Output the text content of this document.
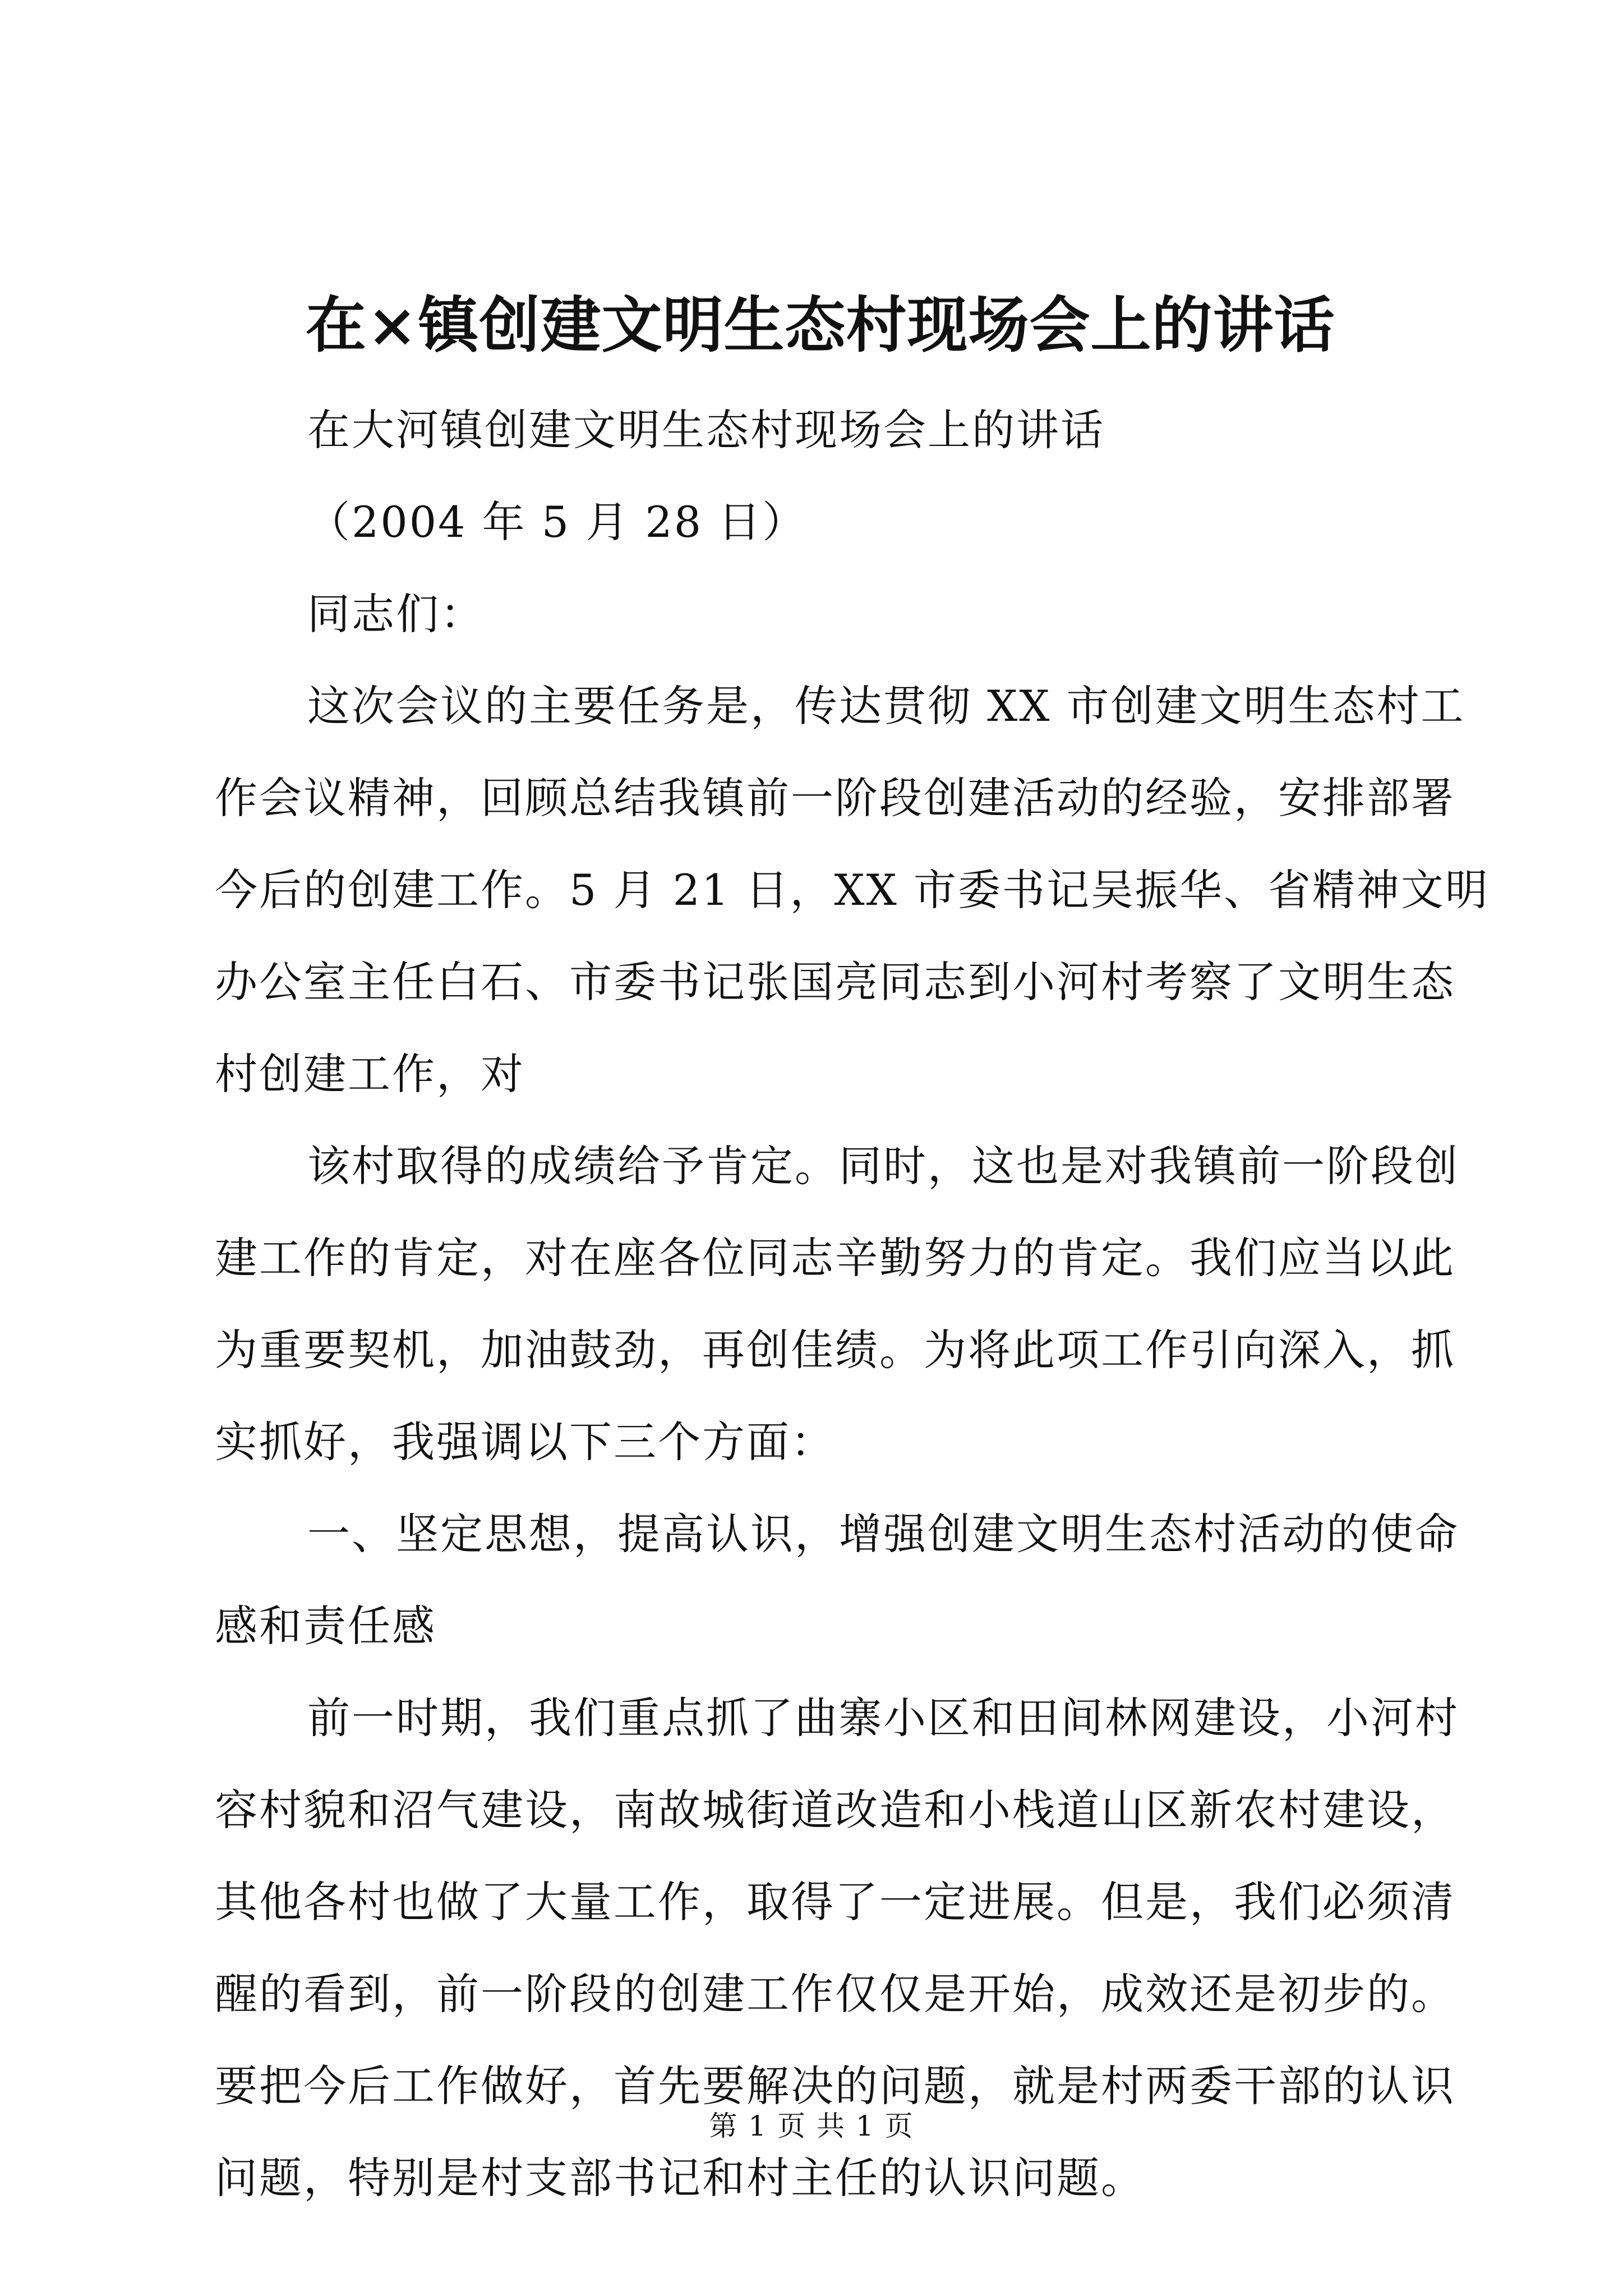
在×镇创建文明生态村现场会上的讲话
在大河镇创建文明生态村现场会上的讲话
（2004 年 5 月 28 日）
同志们：
这次会议的主要任务是，传达贯彻 XX 市创建文明生态村工
作会议精神，回顾总结我镇前一阶段创建活动的经验，安排部署
今后的创建工作。5 月 21 日，XX 市委书记吴振华、省精神文明
办公室主任白石、市委书记张国亮同志到小河村考察了文明生态
村创建工作，对
该村取得的成绩给予肯定。同时，这也是对我镇前一阶段创
建工作的肯定，对在座各位同志辛勤努力的肯定。我们应当以此
为重要契机，加油鼓劲，再创佳绩。为将此项工作引向深入，抓
实抓好，我强调以下三个方面：
一、坚定思想，提高认识，增强创建文明生态村活动的使命
感和责任感
前一时期，我们重点抓了曲寨小区和田间林网建设，小河村
容村貌和沼气建设，南故城街道改造和小栈道山区新农村建设，
其他各村也做了大量工作，取得了一定进展。但是，我们必须清
醒的看到，前一阶段的创建工作仅仅是开始，成效还是初步的。
要把今后工作做好，首先要解决的问题，就是村两委干部的认识
问题，特别是村支部书记和村主任的认识问题。
第 1 页 共 1 页
